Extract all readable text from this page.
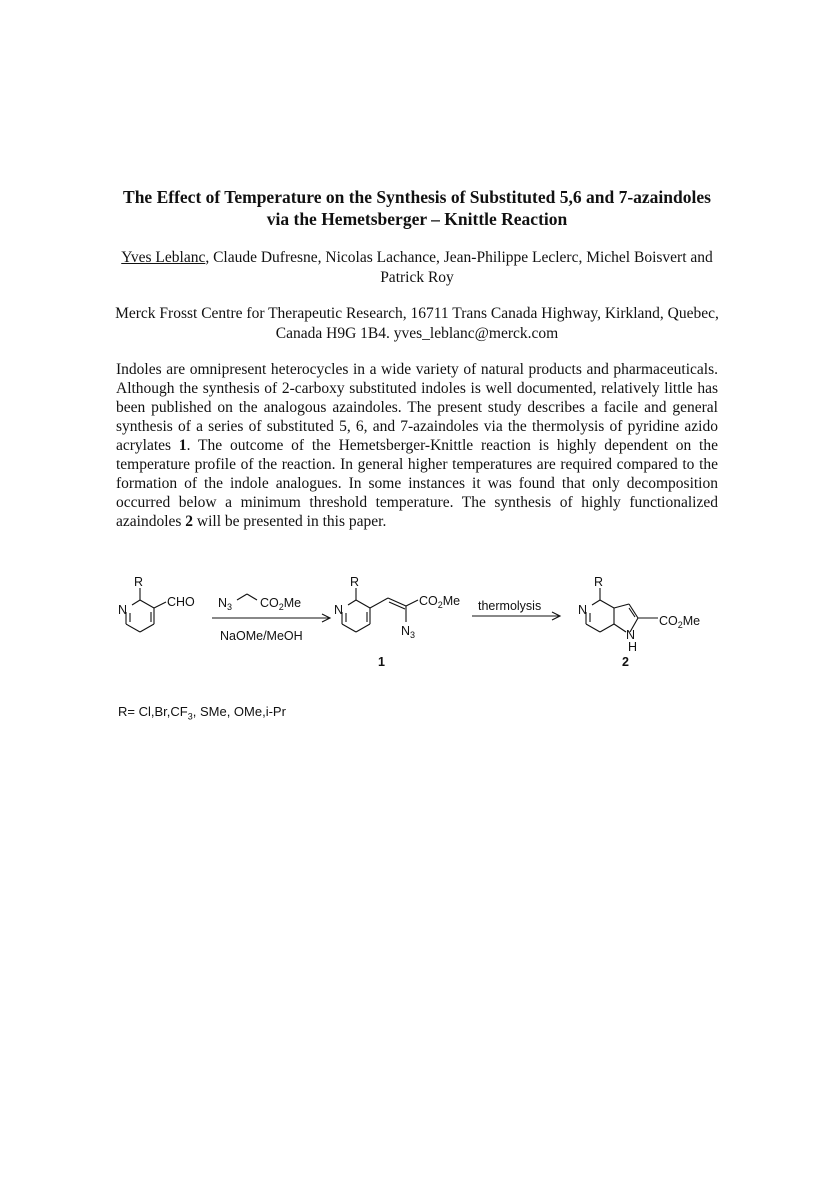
The Effect of Temperature on the Synthesis of Substituted 5,6 and 7-azaindoles via the Hemetsberger – Knittle Reaction
Yves Leblanc, Claude Dufresne, Nicolas Lachance, Jean-Philippe Leclerc, Michel Boisvert and Patrick Roy
Merck Frosst Centre for Therapeutic Research, 16711 Trans Canada Highway, Kirkland, Quebec, Canada H9G 1B4. yves_leblanc@merck.com
Indoles are omnipresent heterocycles in a wide variety of natural products and pharmaceuticals. Although the synthesis of 2-carboxy substituted indoles is well documented, relatively little has been published on the analogous azaindoles. The present study describes a facile and general synthesis of a series of substituted 5, 6, and 7-azaindoles via the thermolysis of pyridine azido acrylates 1. The outcome of the Hemetsberger-Knittle reaction is highly dependent on the temperature profile of the reaction. In general higher temperatures are required compared to the formation of the indole analogues. In some instances it was found that only decomposition occurred below a minimum threshold temperature. The synthesis of highly functionalized azaindoles 2 will be presented in this paper.
R
N
CHO $N_3$ $CO_2Me$
NaOMe/MeOH
R
N
$CO_2Me$
$N_3$
1
thermolysis
R
N
N
H
$CO_2Me$
2
$R= Cl,Br,CF_3$, SMe, OMe,i-Pr
